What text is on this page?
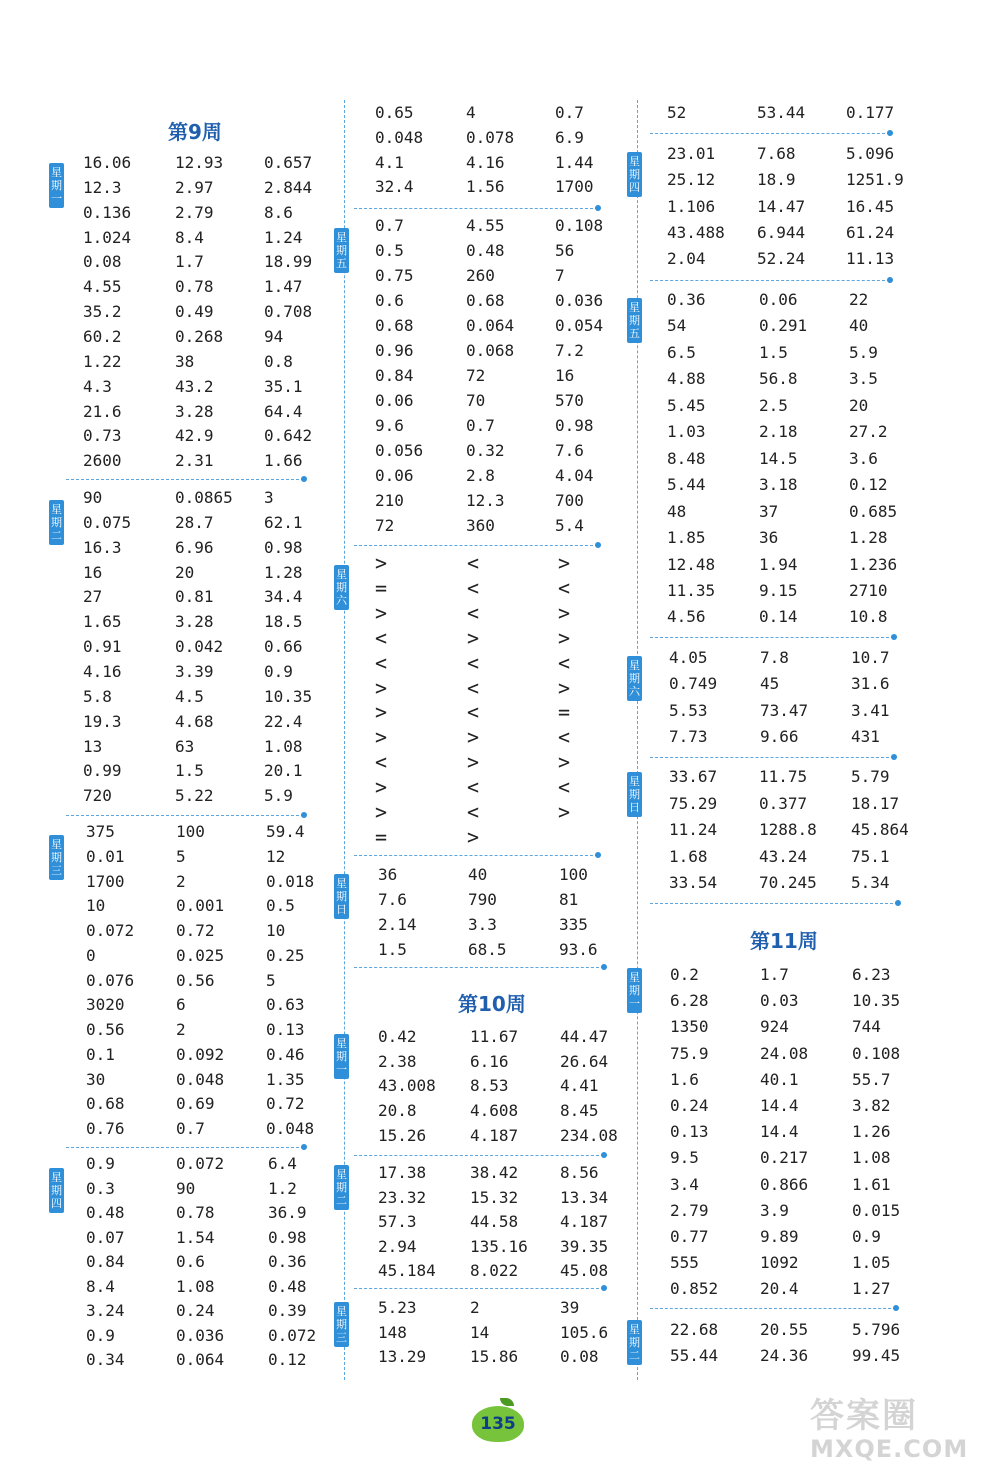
第9周
第10周
第11周
16.06	12.93	0.657
12.3	2.97	2.844
0.136	2.79	8.6
1.024	8.4	1.24
0.08	1.7	18.99
4.55	0.78	1.47
35.2	0.49	0.708
60.2	0.268	94
1.22	38	0.8
4.3	43.2	35.1
21.6	3.28	64.4
0.73	42.9	0.642
2600	2.31	1.66
90	0.0865 3
0.075	28.7	62.1
16.3	6.96	0.98
16	20	1.28
27	0.81	34.4
1.65	3.28	18.5
0.91	0.042	0.66
4.16	3.39	0.9
5.8	4.5	10.35
19.3	4.68	22.4
13	63	1.08
0.99	1.5	20.1
720	5.22	5.9
375	100	59.4
0.01	5	12
1700	2	0.018
10	0.001	0.5
0.072	0.72	10
0	0.025	0.25
0.076	0.56	5
3020	6	0.63
0.56	2	0.13
0.1	0.092	0.46
30	0.048	1.35
0.68	0.69	0.72
0.76	0.7	0.048
0.9	0.072	6.4
0.3	90	1.2
0.48	0.78	36.9
0.07	1.54	0.98
0.84	0.6	0.36
8.4	1.08	0.48
3.24	0.24	0.39
0.9	0.036	0.072
0.34	0.064	0.12
0.65	4	0.7
0.048	0.078	6.9
4.1	4.16	1.44
32.4	1.56	1700
0.7	4.55	0.108
0.5	0.48	56
0.75	260	7
0.6	0.68	0.036
0.68	0.064	0.054
0.96	0.068	7.2
0.84	72	16
0.06	70	570
9.6	0.7	0.98
0.056	0.32	7.6
0.06	2.8	4.04
210	12.3	700
72	360	5.4
>	<	>
=	<	<
>	<	>
<	>	>
<	<	<
>	<	>
>	<	=
>	>	<
<	>	>
>	<	<
>	<	>
=	>
36	40	100
7.6	790	81
2.14	3.3	335
1.5	68.5	93.6
0.42	11.67	44.47
2.38	6.16	26.64
43.008 8.53	4.41
20.8	4.608	8.45
15.26	4.187	234.08
17.38	38.42	8.56
23.32	15.32	13.34
57.3	44.58	4.187
2.94	135.16 39.35
45.184 8.022	45.08
5.23	2	39
148	14	105.6
13.29	15.86	0.08
52	53.44	0.177
23.01	7.68	5.096
25.12	18.9	1251.9
1.106	14.47	16.45
43.488 6.944	61.24
2.04	52.24	11.13
0.36	0.06	22
54	0.291	40
6.5	1.5	5.9
4.88	56.8	3.5
5.45	2.5	20
1.03	2.18	27.2
8.48	14.5	3.6
5.44	3.18	0.12
48	37	0.685
1.85	36	1.28
12.48	1.94	1.236
11.35	9.15	2710
4.56	0.14	10.8
4.05	7.8	10.7
0.749	45	31.6
5.53	73.47	3.41
7.73	9.66	431
33.67	11.75	5.79
75.29	0.377	18.17
11.24	1288.8 45.864
1.68	43.24	75.1
33.54	70.245 5.34
0.2	1.7	6.23
6.28	0.03	10.35
1350	924	744
75.9	24.08	0.108
1.6	40.1	55.7
0.24	14.4	3.82
0.13	14.4	1.26
9.5	0.217	1.08
3.4	0.866	1.61
2.79	3.9	0.015
0.77	9.89	0.9
555	1092	1.05
0.852	20.4	1.27
22.68	20.55	5.796
55.44	24.36	99.45
星期一
星期二
星期三
星期四
星期五
星期六
星期日
星期一
星期二
星期三
星期四
星期五
星期六
星期日
星期一
星期二
135	答案圈
MXQE.COM
